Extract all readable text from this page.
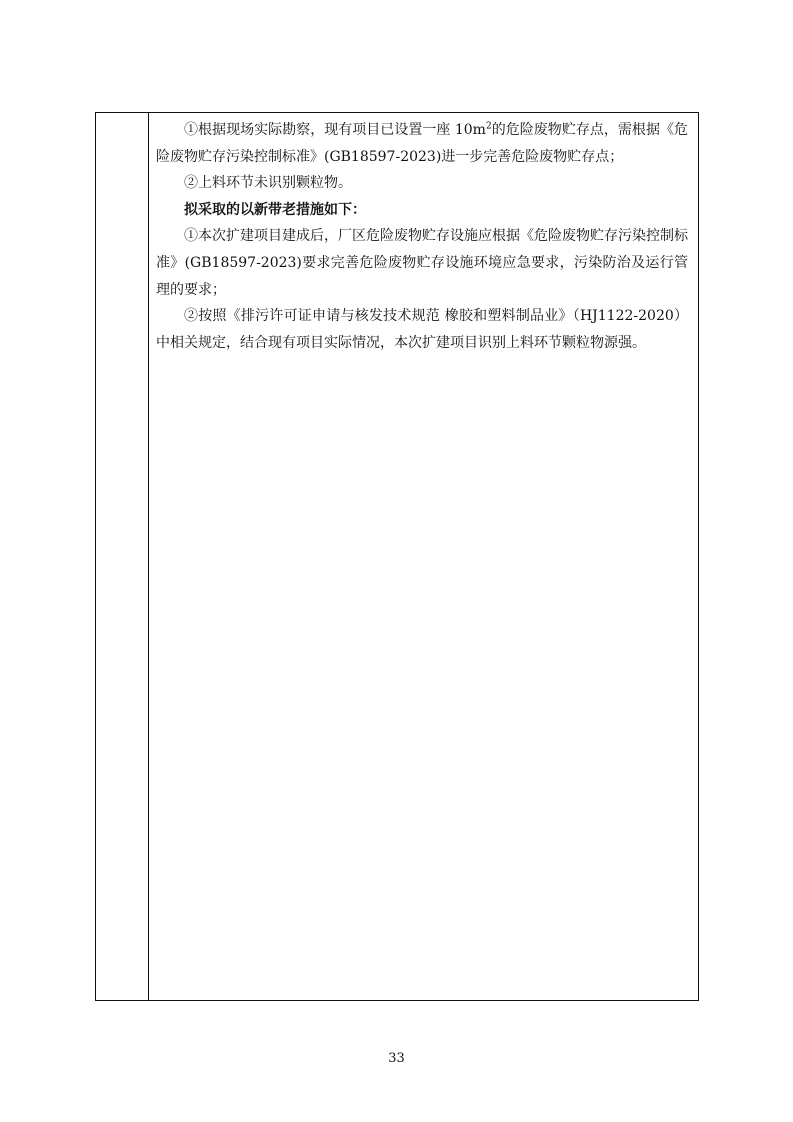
①根据现场实际勘察，现有项目已设置一座 $10m^2$的危险废物贮存点，需根据《危险废物贮存污染控制标准》(GB18597-2023)进一步完善危险废物贮存点；

②上料环节未识别颗粒物。

拟采取的以新带老措施如下：

①本次扩建项目建成后，厂区危险废物贮存设施应根据《危险废物贮存污染控制标准》(GB18597-2023)要求完善危险废物贮存设施环境应急要求，污染防治及运行管理的要求；

②按照《排污许可证申请与核发技术规范 橡胶和塑料制品业》（HJ1122-2020）中相关规定，结合现有项目实际情况，本次扩建项目识别上料环节颗粒物源强。

33
